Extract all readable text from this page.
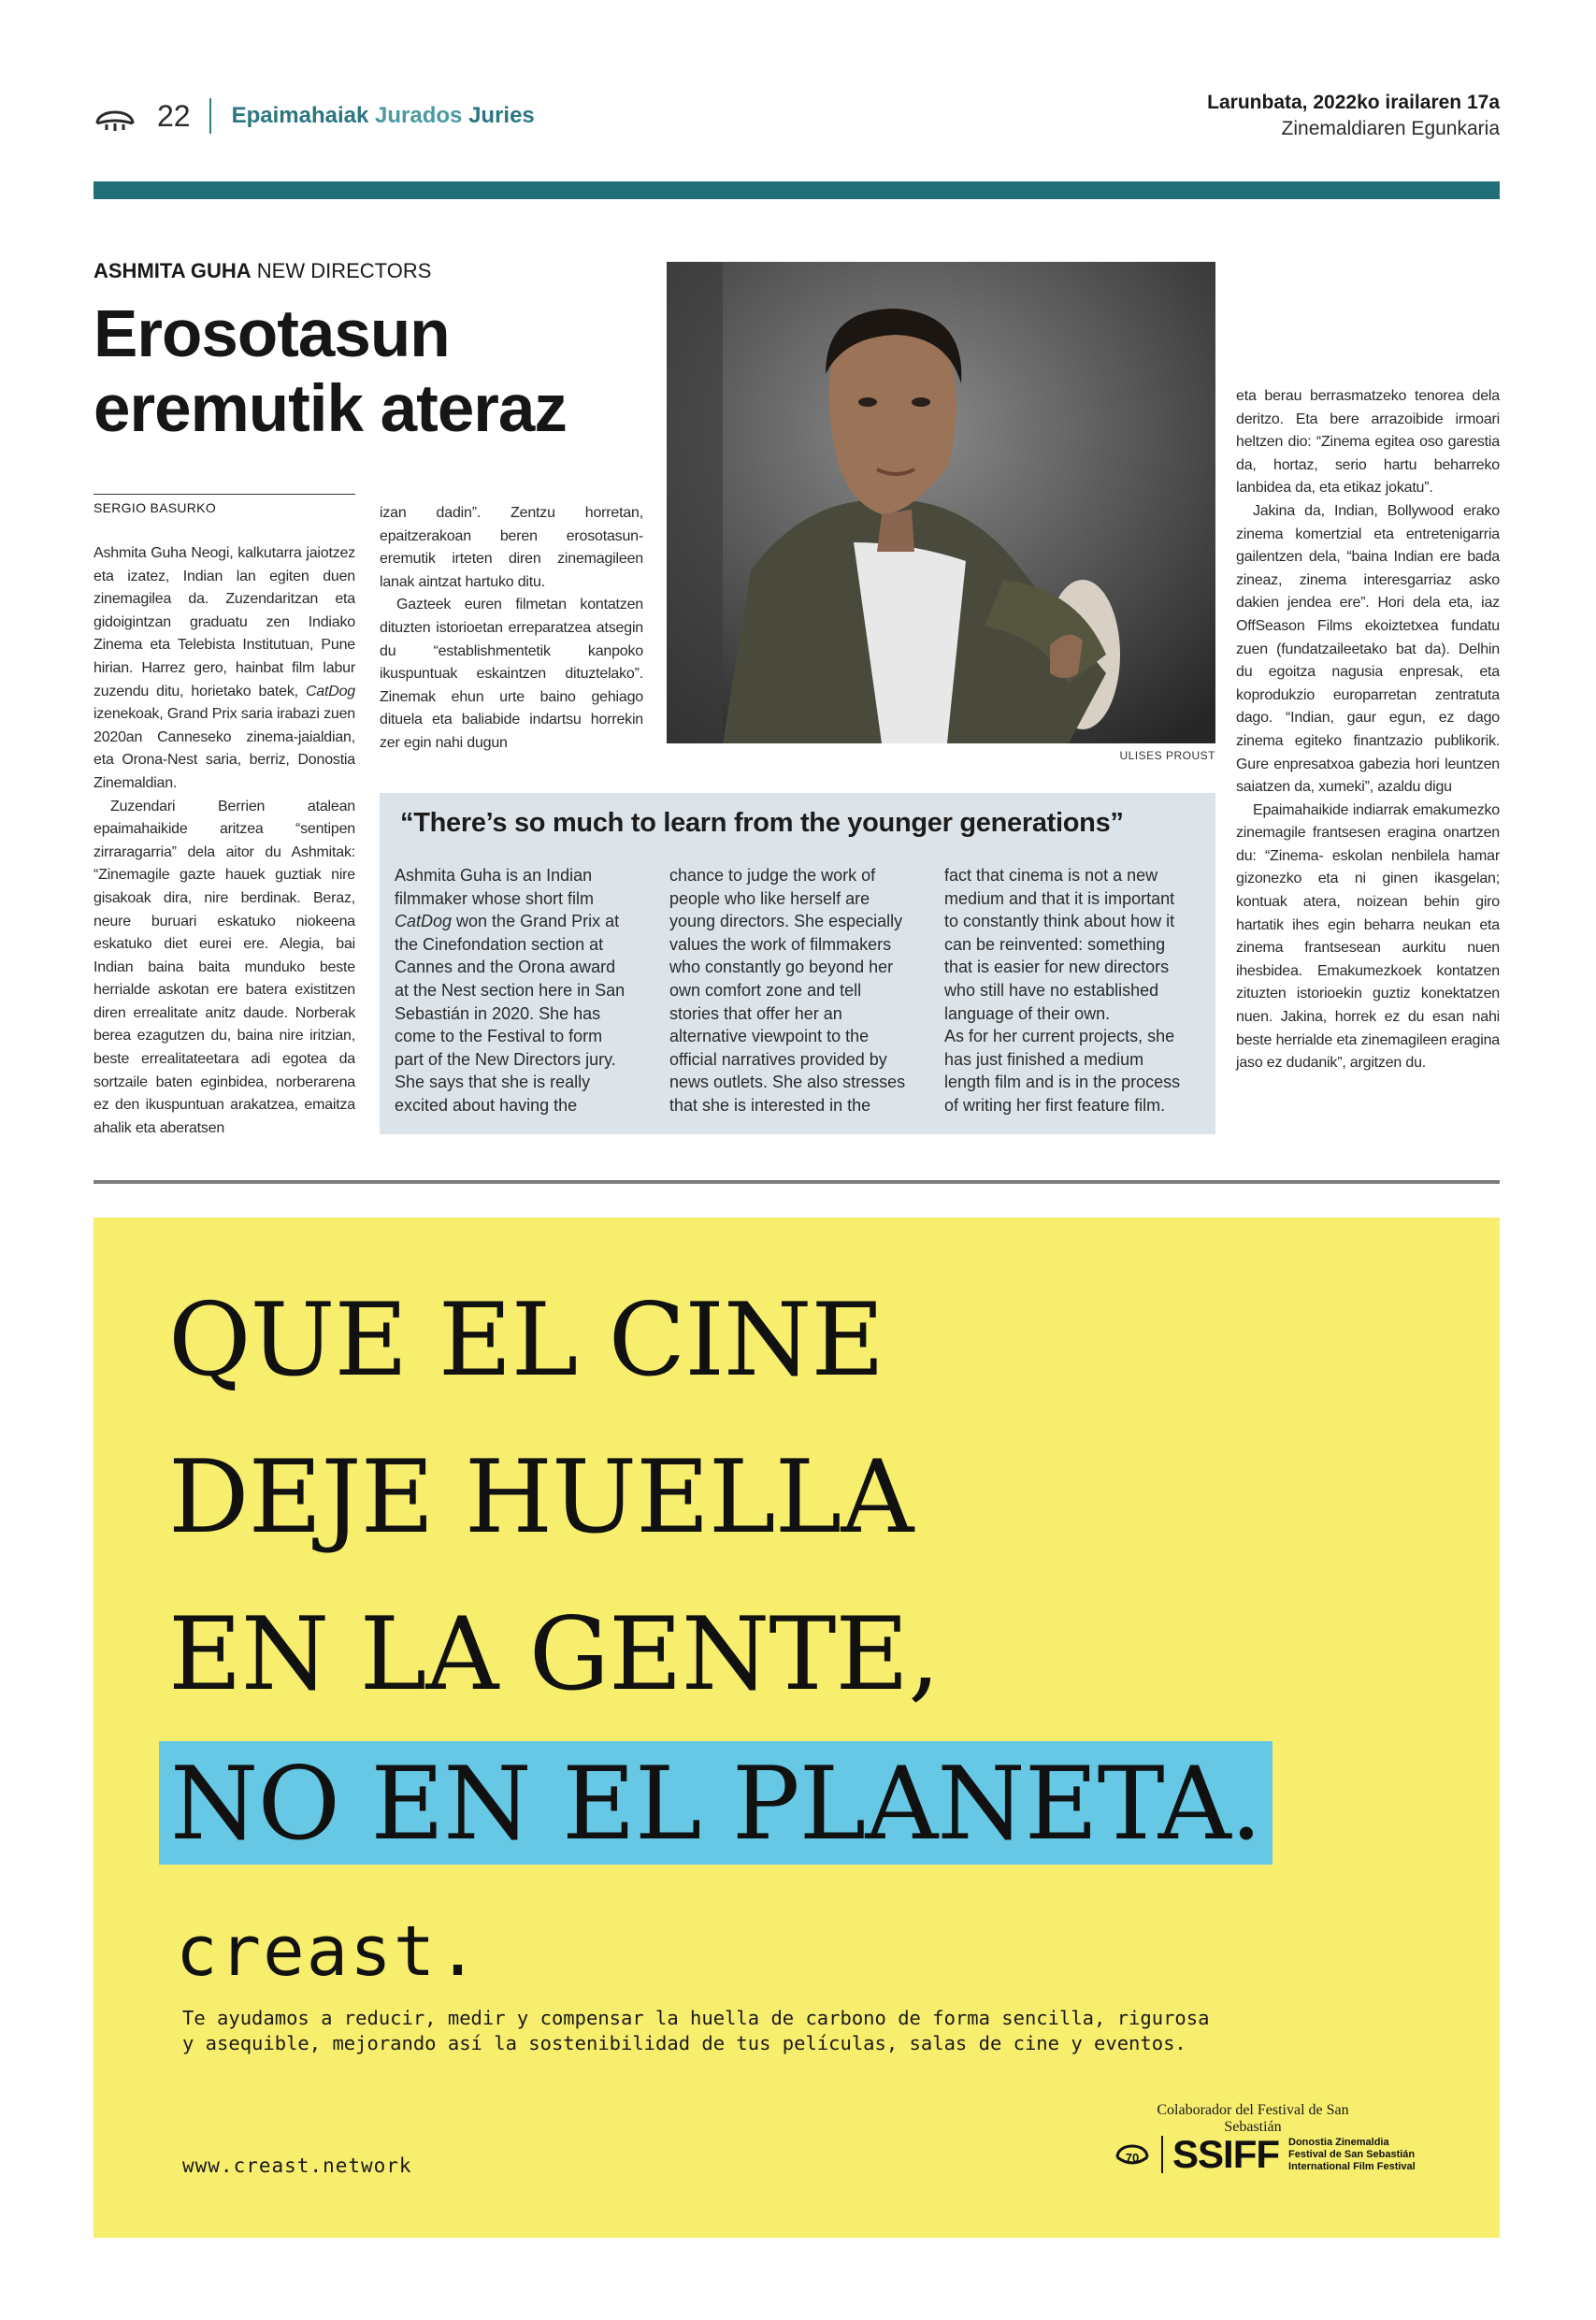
22 Epaimahaiak Jurados Juries
Larunbata, 2022ko irailaren 17a
Zinemaldiaren Egunkaria
ASHMITA GUHA NEW DIRECTORS
Erosotasun
eremutik ateraz
SERGIO BASURKO

Ashmita Guha Neogi, kalkutarra jaiotzez eta izatez, Indian lan egiten duen zinemagilea da. Zuzendaritzan eta gidoigintzan graduatu zen Indiako Zinema eta Telebista Institutuan, Pune hirian. Harrez gero, hainbat film labur zuzendu ditu, horietako batek, CatDog izenekoak, Grand Prix saria irabazi zuen 2020an Canneseko zinema-jaialdian, eta Orona-Nest saria, berriz, Donostia Zinemaldian.

Zuzendari Berrien atalean epaimahaikide aritzea “sentipen zirraragarria” dela aitor du Ashmitak: “Zinemagile gazte hauek guztiak nire gisakoak dira, nire berdinak. Beraz, neure buruari eskatuko niokeena eskatuko diet eurei ere. Alegia, bai Indian baina baita munduko beste herrialde askotan ere batera existitzen diren errealitate anitz daude. Norberak berea ezagutzen du, baina nire iritzian, beste errealitateetara adi egotea da sortzaile baten eginbidea, norberarena ez den ikuspuntuan arakatzea, emaitza ahalik eta aberatsen

izan dadin”. Zentzu horretan, epaitzerakoan beren erosotasun-eremutik irteten diren zinemagileen lanak aintzat hartuko ditu.

Gazteek euren filmetan kontatzen dituzten istorioetan erreparatzea atsegin du “establishmentetik kanpoko ikuspuntuak eskaintzen dituztelako”. Zinemak ehun urte baino gehiago dituela eta baliabide indartsu horrekin zer egin nahi dugun

ULISES PROUST
“There’s so much to learn from the younger generations”
Ashmita Guha is an Indian filmmaker whose short film CatDog won the Grand Prix at the Cinefondation section at Cannes and the Orona award at the Nest section here in San Sebastián in 2020. She has come to the Festival to form part of the New Directors jury. She says that she is really excited about having the
chance to judge the work of people who like herself are young directors. She especially values the work of filmmakers who constantly go beyond her own comfort zone and tell stories that offer her an alternative viewpoint to the official narratives provided by news outlets. She also stresses that she is interested in the
fact that cinema is not a new medium and that it is important to constantly think about how it can be reinvented: something that is easier for new directors who still have no established language of their own.
As for her current projects, she has just finished a medium length film and is in the process of writing her first feature film.

eta berau berrasmatzeko tenorea dela deritzo. Eta bere arrazoibide irmoari heltzen dio: “Zinema egitea oso garestia da, hortaz, serio hartu beharreko lanbidea da, eta etikaz jokatu”.

Jakina da, Indian, Bollywood erako zinema komertzial eta entretenigarria gailentzen dela, “baina Indian ere bada zineaz, zinema interesgarriaz asko dakien jendea ere”. Hori dela eta, iaz OffSeason Films ekoiztetxea fundatu zuen (fundatzaileetako bat da). Delhin du egoitza nagusia enpresak, eta koprodukzio europarretan zentratuta dago. “Indian, gaur egun, ez dago zinema egiteko finantzazio publikorik. Gure enpresatxoa gabezia hori leuntzen saiatzen da, xumeki”, azaldu digu

Epaimahaikide indiarrak emakumezko zinemagile frantsesen eragina onartzen du: “Zinema- eskolan nenbilela hamar gizonezko eta ni ginen ikasgelan; kontuak atera, noizean behin giro hartatik ihes egin beharra neukan eta zinema frantsesean aurkitu nuen ihesbidea. Emakumezkoek kontatzen zituzten istorioekin guztiz konektatzen nuen. Jakina, horrek ez du esan nahi beste herrialde eta zinemagileen eragina jaso ez dudanik”, argitzen du.

QUE EL CINE
DEJE HUELLA
EN LA GENTE,
NO EN EL PLANETA.
creast.
Te ayudamos a reducir, medir y compensar la huella de carbono de forma sencilla, rigurosa
y asequible, mejorando así la sostenibilidad de tus películas, salas de cine y eventos.
www.creast.network
Colaborador del Festival de San Sebastián
70 SSIFF Donostia Zinemaldia
Festival de San Sebastián
International Film Festival
